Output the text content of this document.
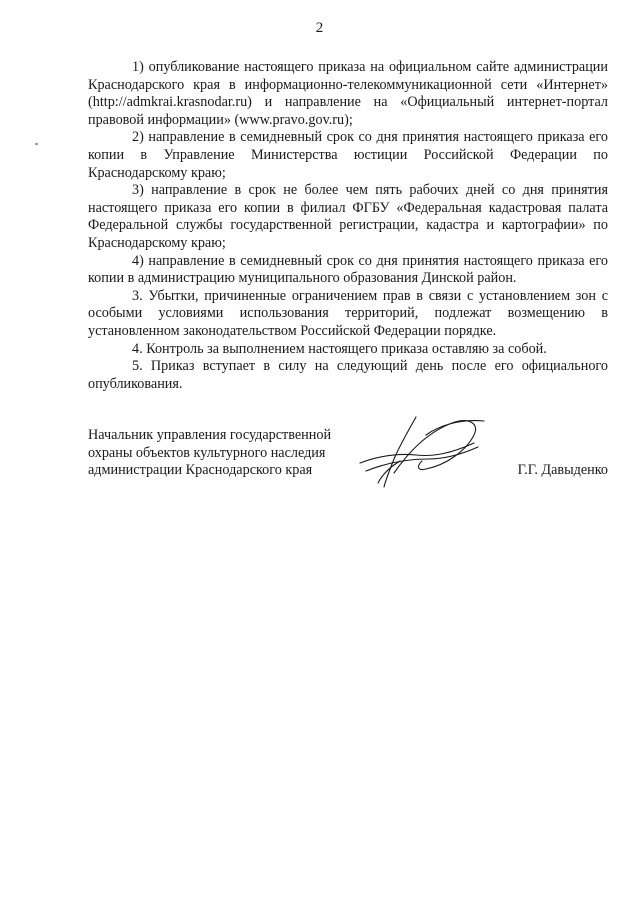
2

1) опубликование настоящего приказа на официальном сайте администрации Краснодарского края в информационно-телекоммуникационной сети «Интернет» (http://admkrai.krasnodar.ru) и направление на «Официальный интернет-портал правовой информации» (www.pravo.gov.ru);

2) направление в семидневный срок со дня принятия настоящего приказа его копии в Управление Министерства юстиции Российской Федерации по Краснодарскому краю;

3) направление в срок не более чем пять рабочих дней со дня принятия настоящего приказа его копии в филиал ФГБУ «Федеральная кадастровая палата Федеральной службы государственной регистрации, кадастра и картографии» по Краснодарскому краю;

4) направление в семидневный срок со дня принятия настоящего приказа его копии в администрацию муниципального образования Динской район.

3. Убытки, причиненные ограничением прав в связи с установлением зон с особыми условиями использования территорий, подлежат возмещению в установленном законодательством Российской Федерации порядке.

4. Контроль за выполнением настоящего приказа оставляю за собой.

5. Приказ вступает в силу на следующий день после его официального опубликования.

Начальник управления государственной
охраны объектов культурного наследия
администрации Краснодарского края	Г.Г. Давыденко
